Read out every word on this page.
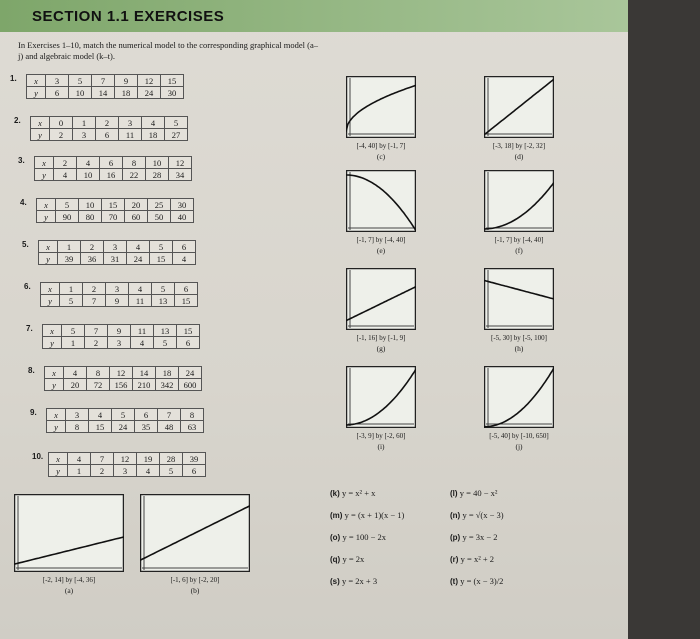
SECTION 1.1 EXERCISES
In Exercises 1–10, match the numerical model to the corresponding graphical model (a–j) and algebraic model (k–t).
1. x	3	5	7	9	12	15
y	6	10	14	18	24	30
2. x	0	1	2	3	4	5
y	2	3	6	11	18	27
3. x	2	4	6	8	10	12
y	4	10	16	22	28	34
4. x	5	10	15	20	25	30
y	90	80	70	60	50	40
5. x	1	2	3	4	5	6
y	39	36	31	24	15	4
6. x	1	2	3	4	5	6
y	5	7	9	11	13	15
7. x	5	7	9	11	13	15
y	1	2	3	4	5	6
8. x	4	8	12	14	18	24
y	20	72	156	210	342	600
9. x	3	4	5	6	7	8
y	8	15	24	35	48	63
10. x	4	7	12	19	28	39
y	1	2	3	4	5	6
[-2, 14] by [-4, 36]
(a)
[-1, 6] by [-2, 20]
(b)
[-4, 40] by [-1, 7]
(c)
[-3, 18] by [-2, 32]
(d)
[-1, 7] by [-4, 40]
(e)
[-1, 7] by [-4, 40]
(f)
[-1, 16] by [-1, 9]
(g)
[-5, 30] by [-5, 100]
(h)
[-3, 9] by [-2, 60]
(i)
[-5, 40] by [-10, 650]
(j)
(k) y = x² + x	(l) y = 40 − x²
(m) y = (x + 1)(x − 1)	(n) y = √(x − 3)
(o) y = 100 − 2x	(p) y = 3x − 2
(q) y = 2x	(r) y = x² + 2
(s) y = 2x + 3	(t) y = (x − 3)/2
